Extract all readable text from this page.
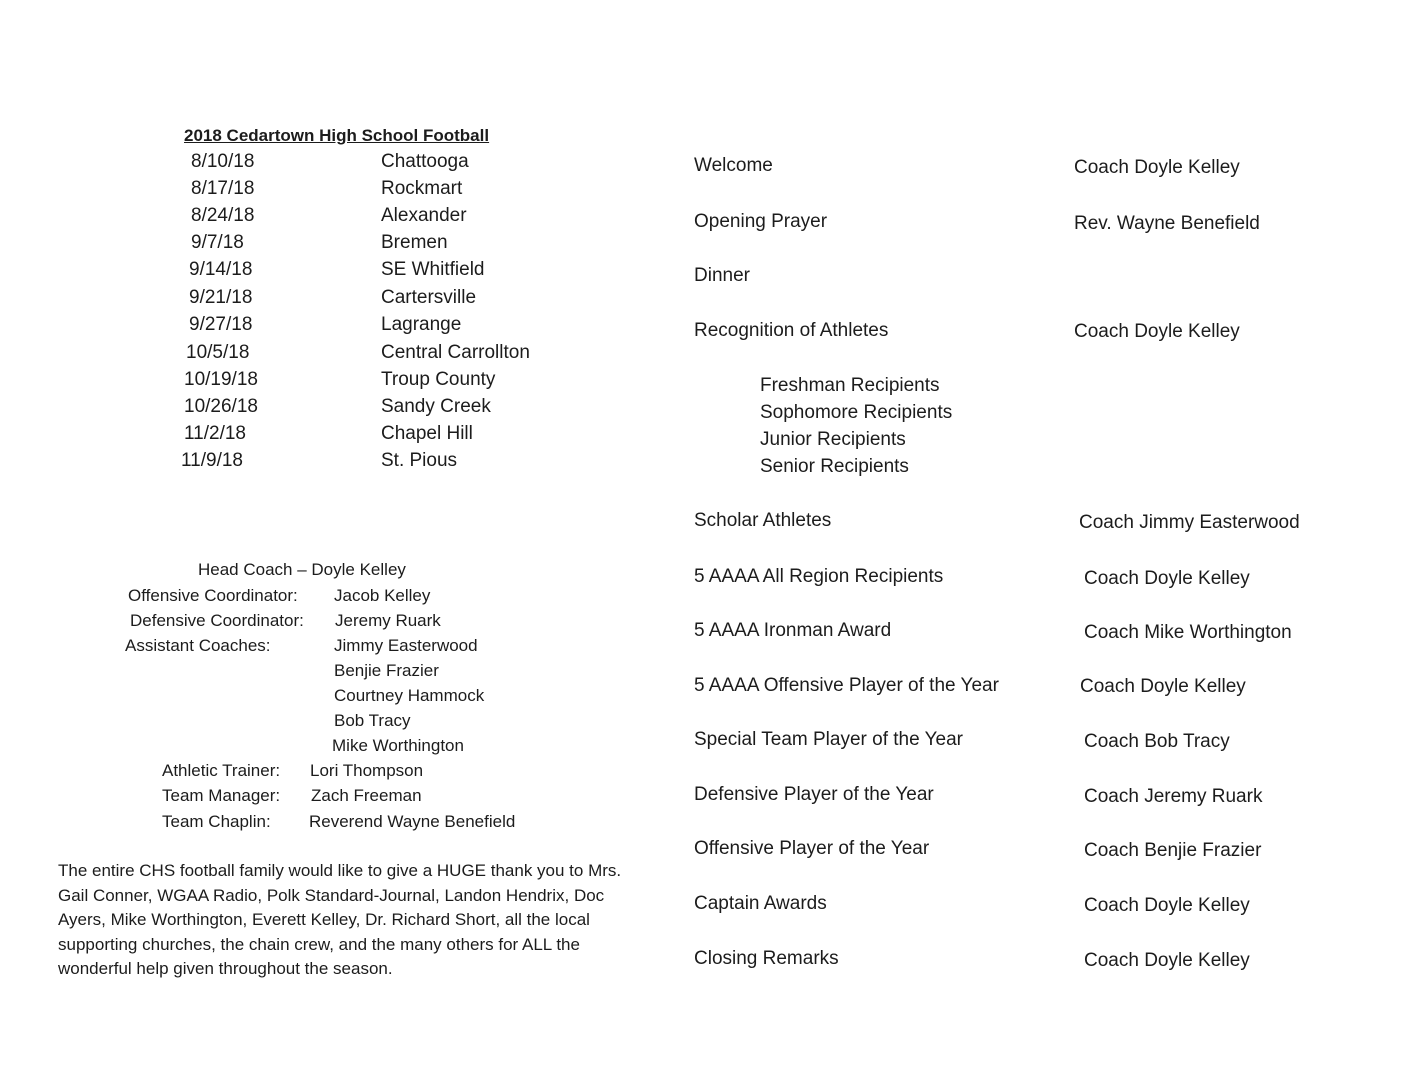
2018 Cedartown High School Football
8/10/18	Chattooga
8/17/18	Rockmart
8/24/18	Alexander
9/7/18	Bremen
9/14/18	SE Whitfield
9/21/18	Cartersville
9/27/18	Lagrange
10/5/18	Central Carrollton
10/19/18	Troup County
10/26/18	Sandy Creek
11/2/18	Chapel Hill
11/9/18	St. Pious
Head Coach – Doyle Kelley
Offensive Coordinator: Jacob Kelley
Defensive Coordinator: Jeremy Ruark
Assistant Coaches:	Jimmy Easterwood
Benjie Frazier
Courtney Hammock
Bob Tracy
Mike Worthington
Athletic Trainer: Lori Thompson
Team Manager: Zach Freeman
Team Chaplin: Reverend Wayne Benefield
The entire CHS football family would like to give a HUGE thank you to Mrs. Gail Conner, WGAA Radio, Polk Standard-Journal, Landon Hendrix, Doc Ayers, Mike Worthington, Everett Kelley, Dr. Richard Short, all the local supporting churches, the chain crew, and the many others for ALL the wonderful help given throughout the season.
Welcome	Coach Doyle Kelley
Opening Prayer	Rev. Wayne Benefield
Dinner
Recognition of Athletes	Coach Doyle Kelley
Freshman Recipients
Sophomore Recipients
Junior Recipients
Senior Recipients
Scholar Athletes	Coach Jimmy Easterwood
5 AAAA All Region Recipients	Coach Doyle Kelley
5 AAAA Ironman Award	Coach Mike Worthington
5 AAAA Offensive Player of the Year	Coach Doyle Kelley
Special Team Player of the Year	Coach Bob Tracy
Defensive Player of the Year	Coach Jeremy Ruark
Offensive Player of the Year	Coach Benjie Frazier
Captain Awards	Coach Doyle Kelley
Closing Remarks	Coach Doyle Kelley
